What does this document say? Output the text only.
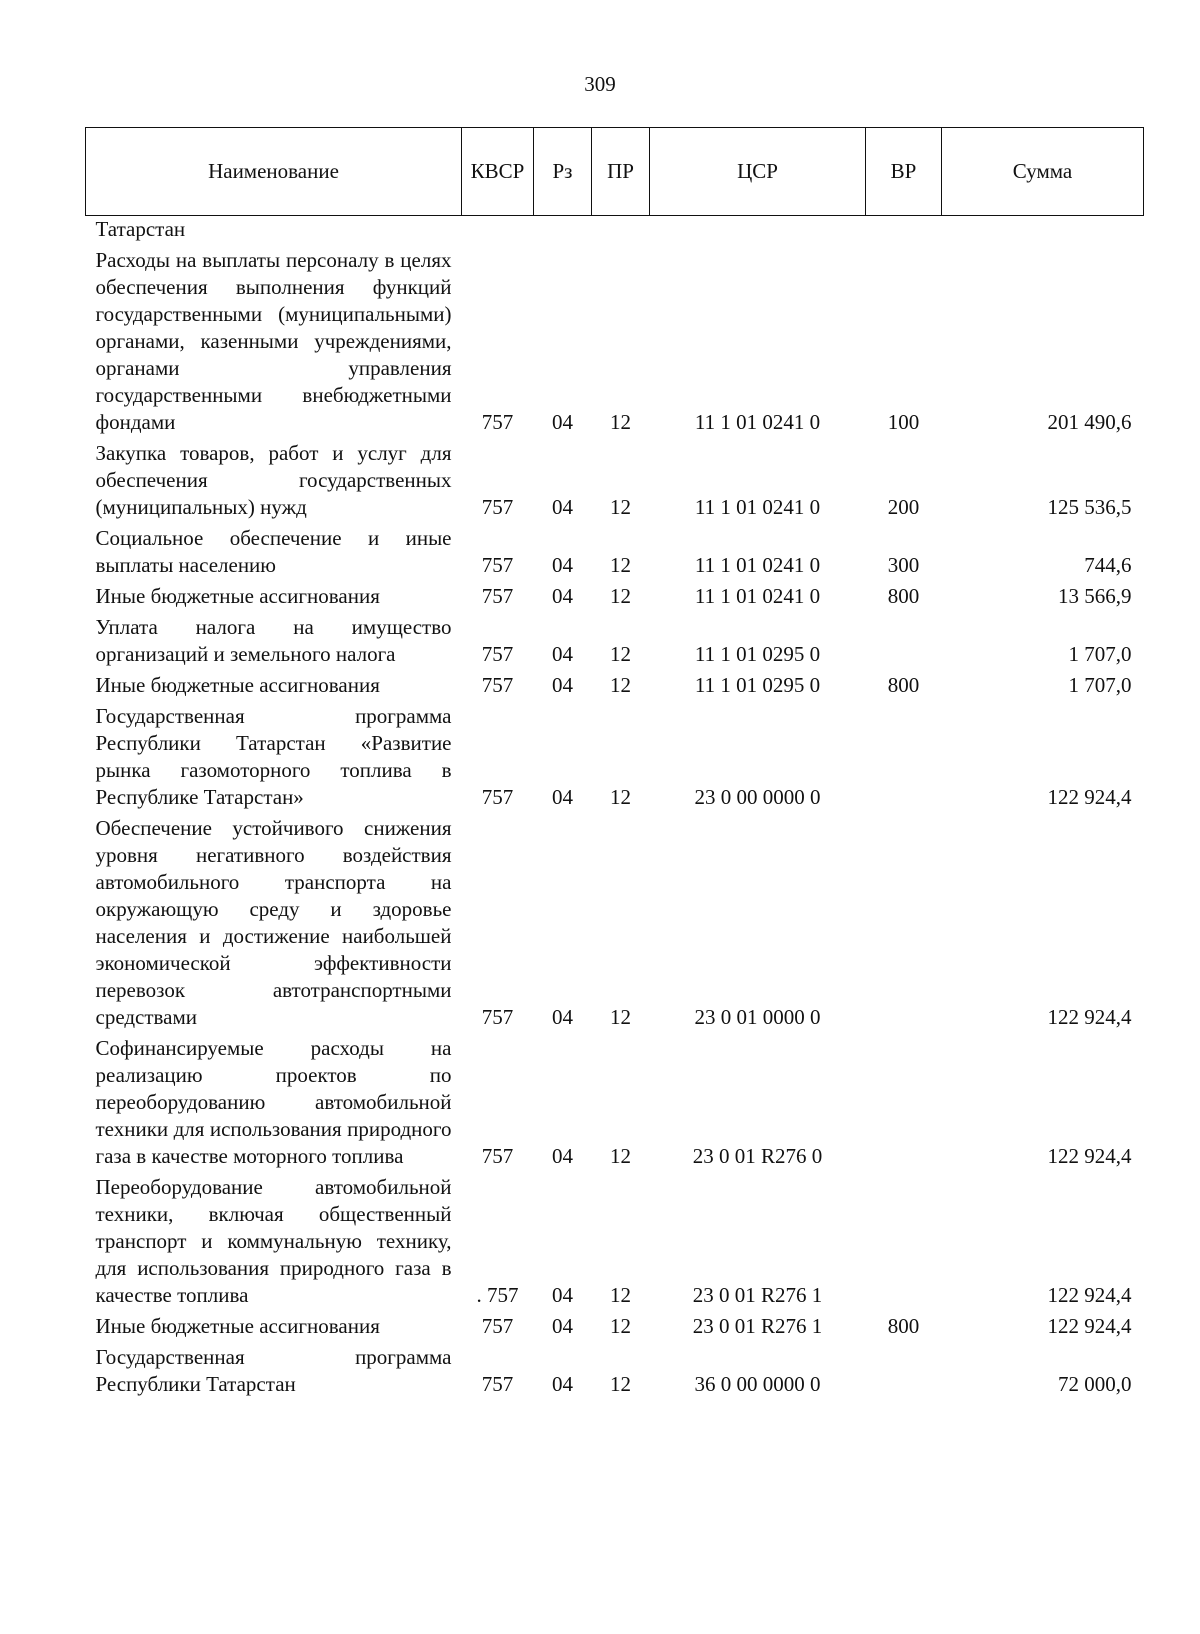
309
Наименование	КВСР	Рз	ПР	ЦСР	ВР	Сумма
Татарстан						
Расходы на выплаты персоналу в целях обеспечения выполнения функций государственными (муниципальными) органами, казенными учреждениями, органами управления государственными внебюджетными фондами	757	04	12	11 1 01 0241 0	100	201 490,6
Закупка товаров, работ и услуг для обеспечения государственных (муниципальных) нужд	757	04	12	11 1 01 0241 0	200	125 536,5
Социальное обеспечение и иные выплаты населению	757	04	12	11 1 01 0241 0	300	744,6
Иные бюджетные ассигнования	757	04	12	11 1 01 0241 0	800	13 566,9
Уплата налога на имущество организаций и земельного налога	757	04	12	11 1 01 0295 0		1 707,0
Иные бюджетные ассигнования	757	04	12	11 1 01 0295 0	800	1 707,0
Государственная программа Республики Татарстан «Развитие рынка газомоторного топлива в Республике Татарстан»	757	04	12	23 0 00 0000 0		122 924,4
Обеспечение устойчивого снижения уровня негативного воздействия автомобильного транспорта на окружающую среду и здоровье населения и достижение наибольшей экономической эффективности перевозок автотранспортными средствами	757	04	12	23 0 01 0000 0		122 924,4
Софинансируемые расходы на реализацию проектов по переоборудованию автомобильной техники для использования природного газа в качестве моторного топлива	757	04	12	23 0 01 R276 0		122 924,4
Переоборудование автомобильной техники, включая общественный транспорт и коммунальную технику, для использования природного газа в качестве топлива	. 757	04	12	23 0 01 R276 1		122 924,4
Иные бюджетные ассигнования	757	04	12	23 0 01 R276 1	800	122 924,4
Государственная программа Республики Татарстан	757	04	12	36 0 00 0000 0		72 000,0
